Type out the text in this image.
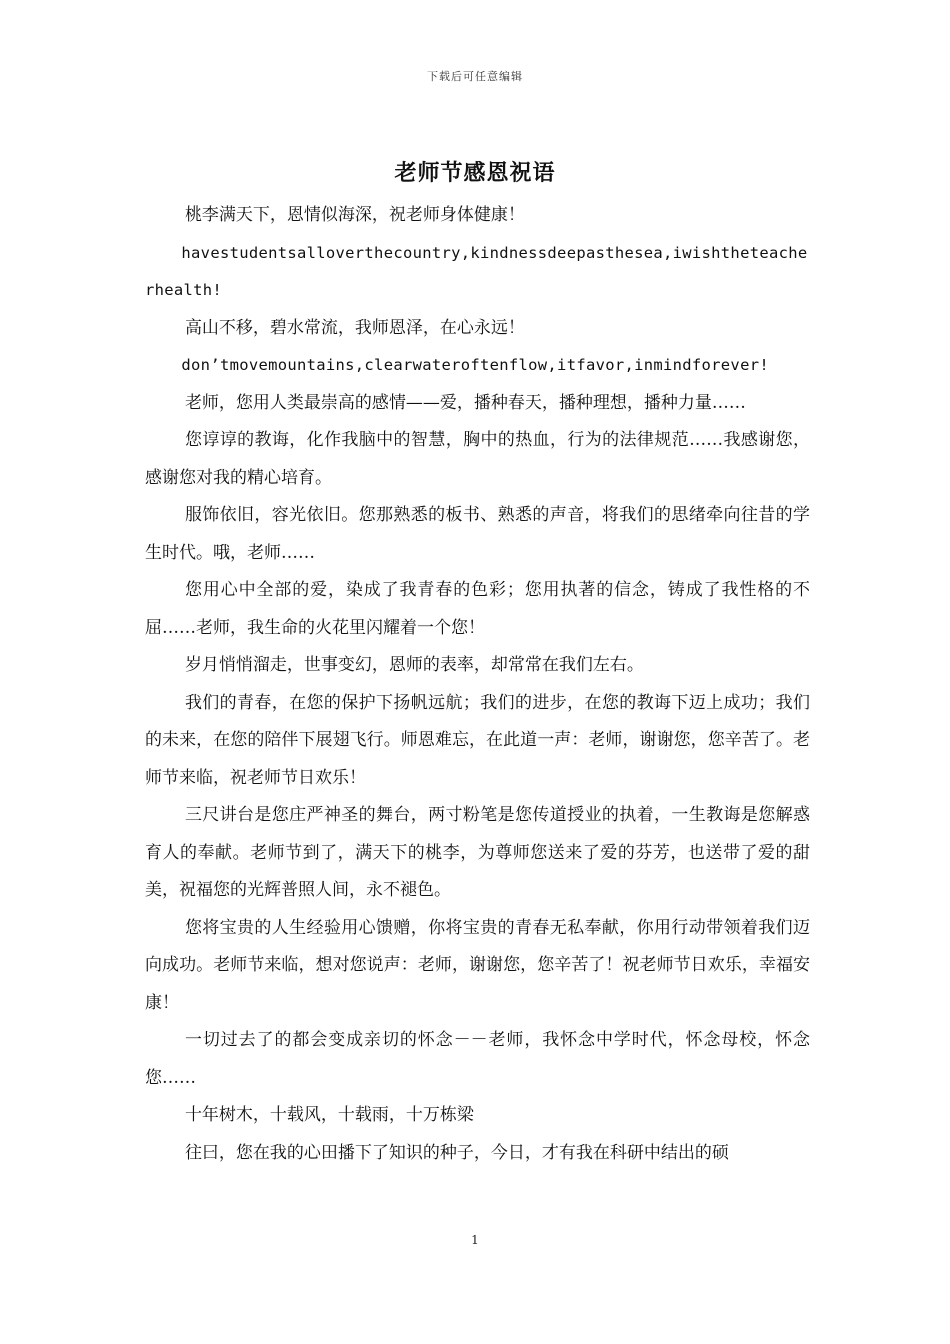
下载后可任意编辑
老师节感恩祝语

桃李满天下，恩情似海深，祝老师身体健康！

havestudentsalloverthecountry,kindnessdeepasthesea,iwishtheteacherhealth!

高山不移，碧水常流，我师恩泽，在心永远！

don’tmovemountains,clearwateroftenflow,itfavor,inmindforever!

老师，您用人类最崇高的感情——爱，播种春天，播种理想，播种力量……

您谆谆的教诲，化作我脑中的智慧，胸中的热血，行为的法律规范……我感谢您，感谢您对我的精心培育。

服饰依旧，容光依旧。您那熟悉的板书、熟悉的声音，将我们的思绪牵向往昔的学生时代。哦，老师……

您用心中全部的爱，染成了我青春的色彩；您用执著的信念，铸成了我性格的不屈……老师，我生命的火花里闪耀着一个您！

岁月悄悄溜走，世事变幻，恩师的表率，却常常在我们左右。

我们的青春，在您的保护下扬帆远航；我们的进步，在您的教诲下迈上成功；我们的未来，在您的陪伴下展翅飞行。师恩难忘，在此道一声：老师，谢谢您，您辛苦了。老师节来临，祝老师节日欢乐！

三尺讲台是您庄严神圣的舞台，两寸粉笔是您传道授业的执着，一生教诲是您解惑育人的奉献。老师节到了，满天下的桃李，为尊师您送来了爱的芬芳，也送带了爱的甜美，祝福您的光辉普照人间，永不褪色。

您将宝贵的人生经验用心馈赠，你将宝贵的青春无私奉献，你用行动带领着我们迈向成功。老师节来临，想对您说声：老师，谢谢您，您辛苦了！祝老师节日欢乐，幸福安康！

一切过去了的都会变成亲切的怀念－－老师，我怀念中学时代，怀念母校，怀念您……

十年树木，十载风，十载雨，十万栋梁

往曰，您在我的心田播下了知识的种子，今日，才有我在科研中结出的硕

1
